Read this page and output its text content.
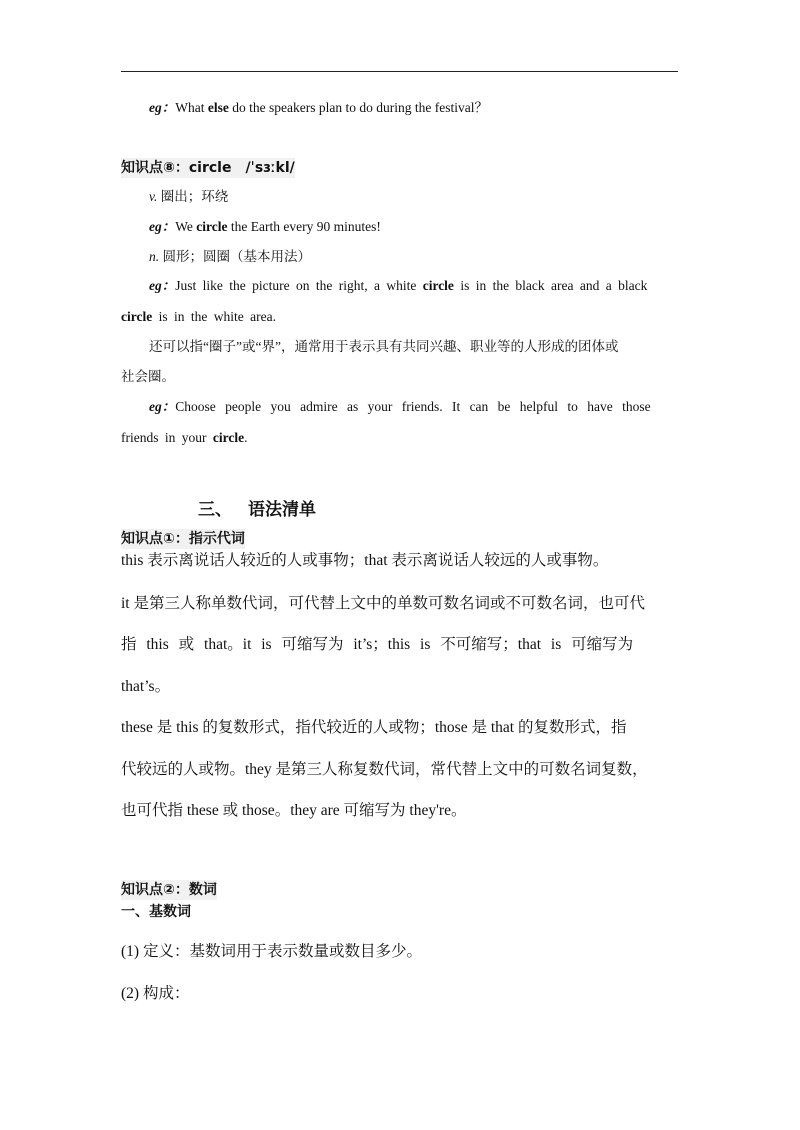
eg：What else do the speakers plan to do during the festival？
知识点⑧：circle　/ˈsɜːkl/
v. 圈出；环绕
eg：We circle the Earth every 90 minutes!
n. 圆形；圆圈（基本用法）
eg：Just like the picture on the right, a white circle is in the black area and a black
circle is in the white area.
还可以指“圈子”或“界”，通常用于表示具有共同兴趣、职业等的人形成的团体或
社会圈。
eg：Choose people you admire as your friends. It can be helpful to have those
friends in your circle.
三、 语法清单
知识点①：指示代词
this 表示离说话人较近的人或事物；that 表示离说话人较远的人或事物。
it 是第三人称单数代词，可代替上文中的单数可数名词或不可数名词，也可代
指 this 或 that。it is 可缩写为 it’s；this is 不可缩写；that is 可缩写为
that’s。
these 是 this 的复数形式，指代较近的人或物；those 是 that 的复数形式，指
代较远的人或物。they 是第三人称复数代词，常代替上文中的可数名词复数，
也可代指 these 或 those。they are 可缩写为 they're。
知识点②：数词
一、基数词
(1) 定义：基数词用于表示数量或数目多少。
(2) 构成：
